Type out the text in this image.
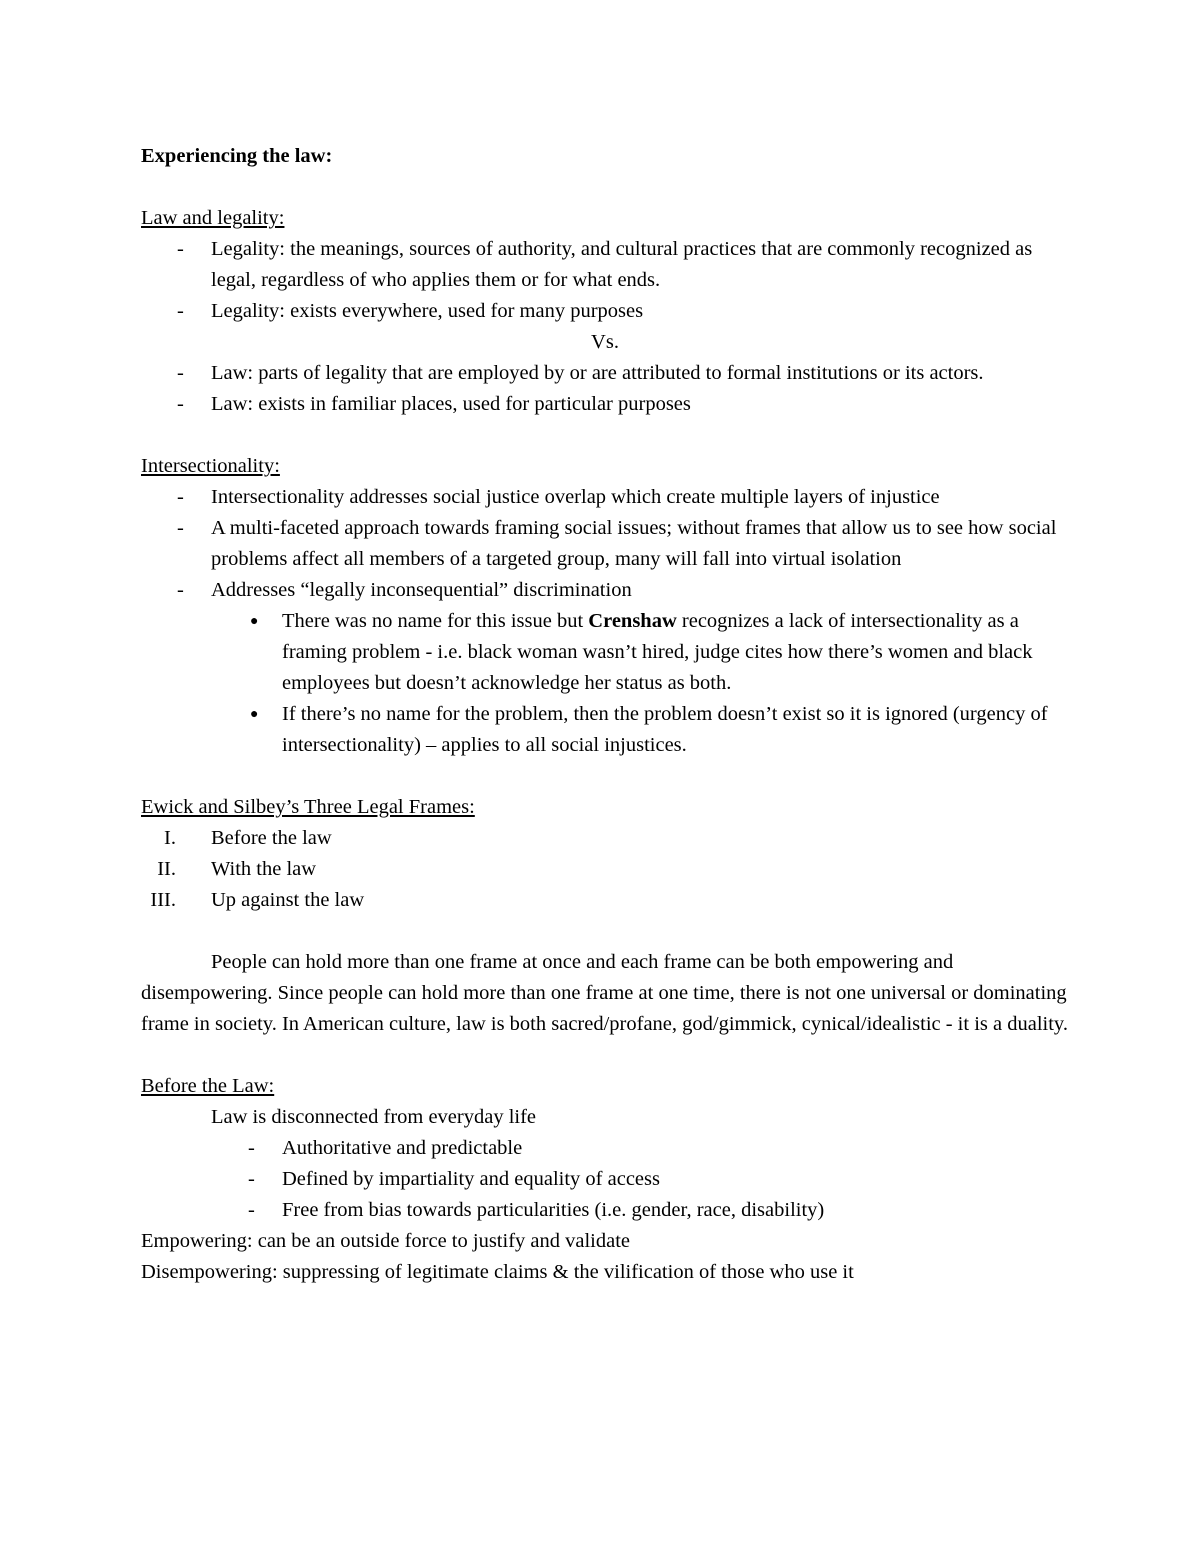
Experiencing the law:
Law and legality:
- Legality: the meanings, sources of authority, and cultural practices that are commonly recognized as legal, regardless of who applies them or for what ends.
- Legality: exists everywhere, used for many purposes
Vs.
- Law: parts of legality that are employed by or are attributed to formal institutions or its actors.
- Law: exists in familiar places, used for particular purposes
Intersectionality:
- Intersectionality addresses social justice overlap which create multiple layers of injustice
- A multi-faceted approach towards framing social issues; without frames that allow us to see how social problems affect all members of a targeted group, many will fall into virtual isolation
- Addresses “legally inconsequential” discrimination
● There was no name for this issue but Crenshaw recognizes a lack of intersectionality as a framing problem - i.e. black woman wasn’t hired, judge cites how there’s women and black employees but doesn’t acknowledge her status as both.
● If there’s no name for the problem, then the problem doesn’t exist so it is ignored (urgency of intersectionality) – applies to all social injustices.
Ewick and Silbey’s Three Legal Frames:
I. Before the law
II. With the law
III. Up against the law

People can hold more than one frame at once and each frame can be both empowering and disempowering. Since people can hold more than one frame at one time, there is not one universal or dominating frame in society. In American culture, law is both sacred/profane, god/gimmick, cynical/idealistic - it is a duality.

Before the Law:
Law is disconnected from everyday life
- Authoritative and predictable
- Defined by impartiality and equality of access
- Free from bias towards particularities (i.e. gender, race, disability)
Empowering: can be an outside force to justify and validate
Disempowering: suppressing of legitimate claims & the vilification of those who use it
